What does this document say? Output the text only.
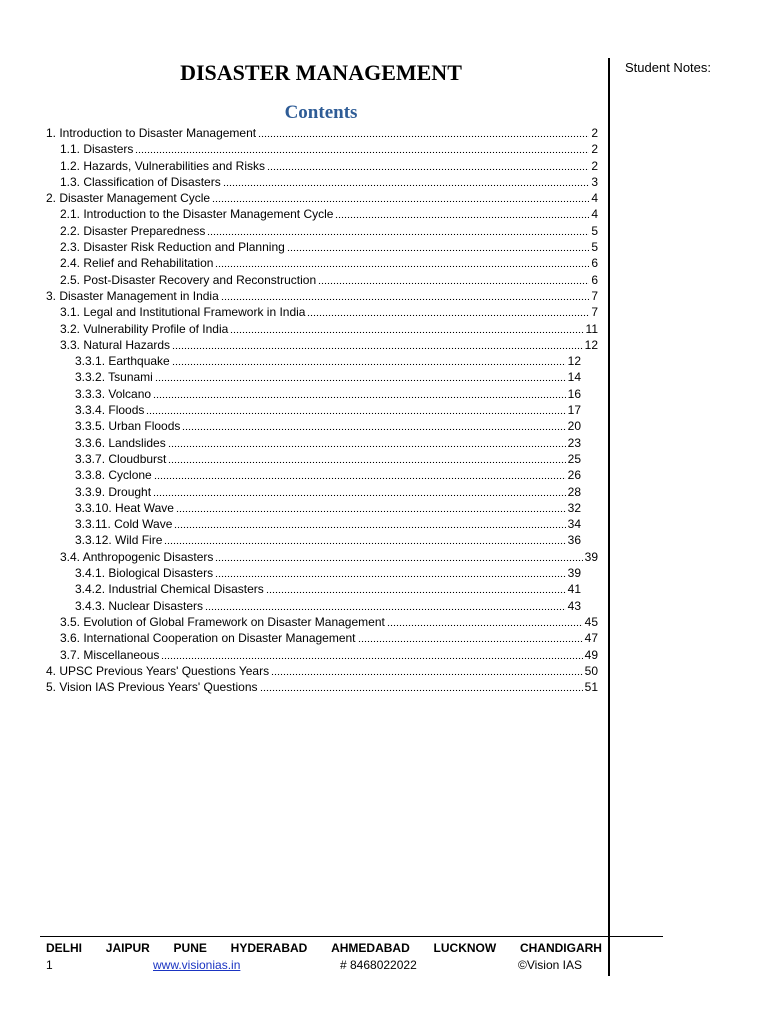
Student Notes:
DISASTER MANAGEMENT
Contents
1. Introduction to Disaster Management	2
1.1. Disasters	2
1.2. Hazards, Vulnerabilities and Risks	2
1.3. Classification of Disasters	3
2. Disaster Management Cycle	4
2.1. Introduction to the Disaster Management Cycle	4
2.2. Disaster Preparedness	5
2.3. Disaster Risk Reduction and Planning	5
2.4. Relief and Rehabilitation	6
2.5. Post-Disaster Recovery and Reconstruction	6
3. Disaster Management in India	7
3.1. Legal and Institutional Framework in India	7
3.2. Vulnerability Profile of India	11
3.3. Natural Hazards	12
3.3.1. Earthquake	12
3.3.2. Tsunami	14
3.3.3. Volcano	16
3.3.4. Floods	17
3.3.5. Urban Floods	20
3.3.6. Landslides	23
3.3.7. Cloudburst	25
3.3.8. Cyclone	26
3.3.9. Drought	28
3.3.10. Heat Wave	32
3.3.11. Cold Wave	34
3.3.12. Wild Fire	36
3.4. Anthropogenic Disasters	39
3.4.1. Biological Disasters	39
3.4.2. Industrial Chemical Disasters	41
3.4.3. Nuclear Disasters	43
3.5. Evolution of Global Framework on Disaster Management	45
3.6. International Cooperation on Disaster Management	47
3.7. Miscellaneous	49
4. UPSC Previous Years' Questions Years	50
5. Vision IAS Previous Years' Questions	51
DELHI JAIPUR PUNE HYDERABAD AHMEDABAD LUCKNOW CHANDIGARH
1	www.visionias.in	# 8468022022	©Vision IAS
